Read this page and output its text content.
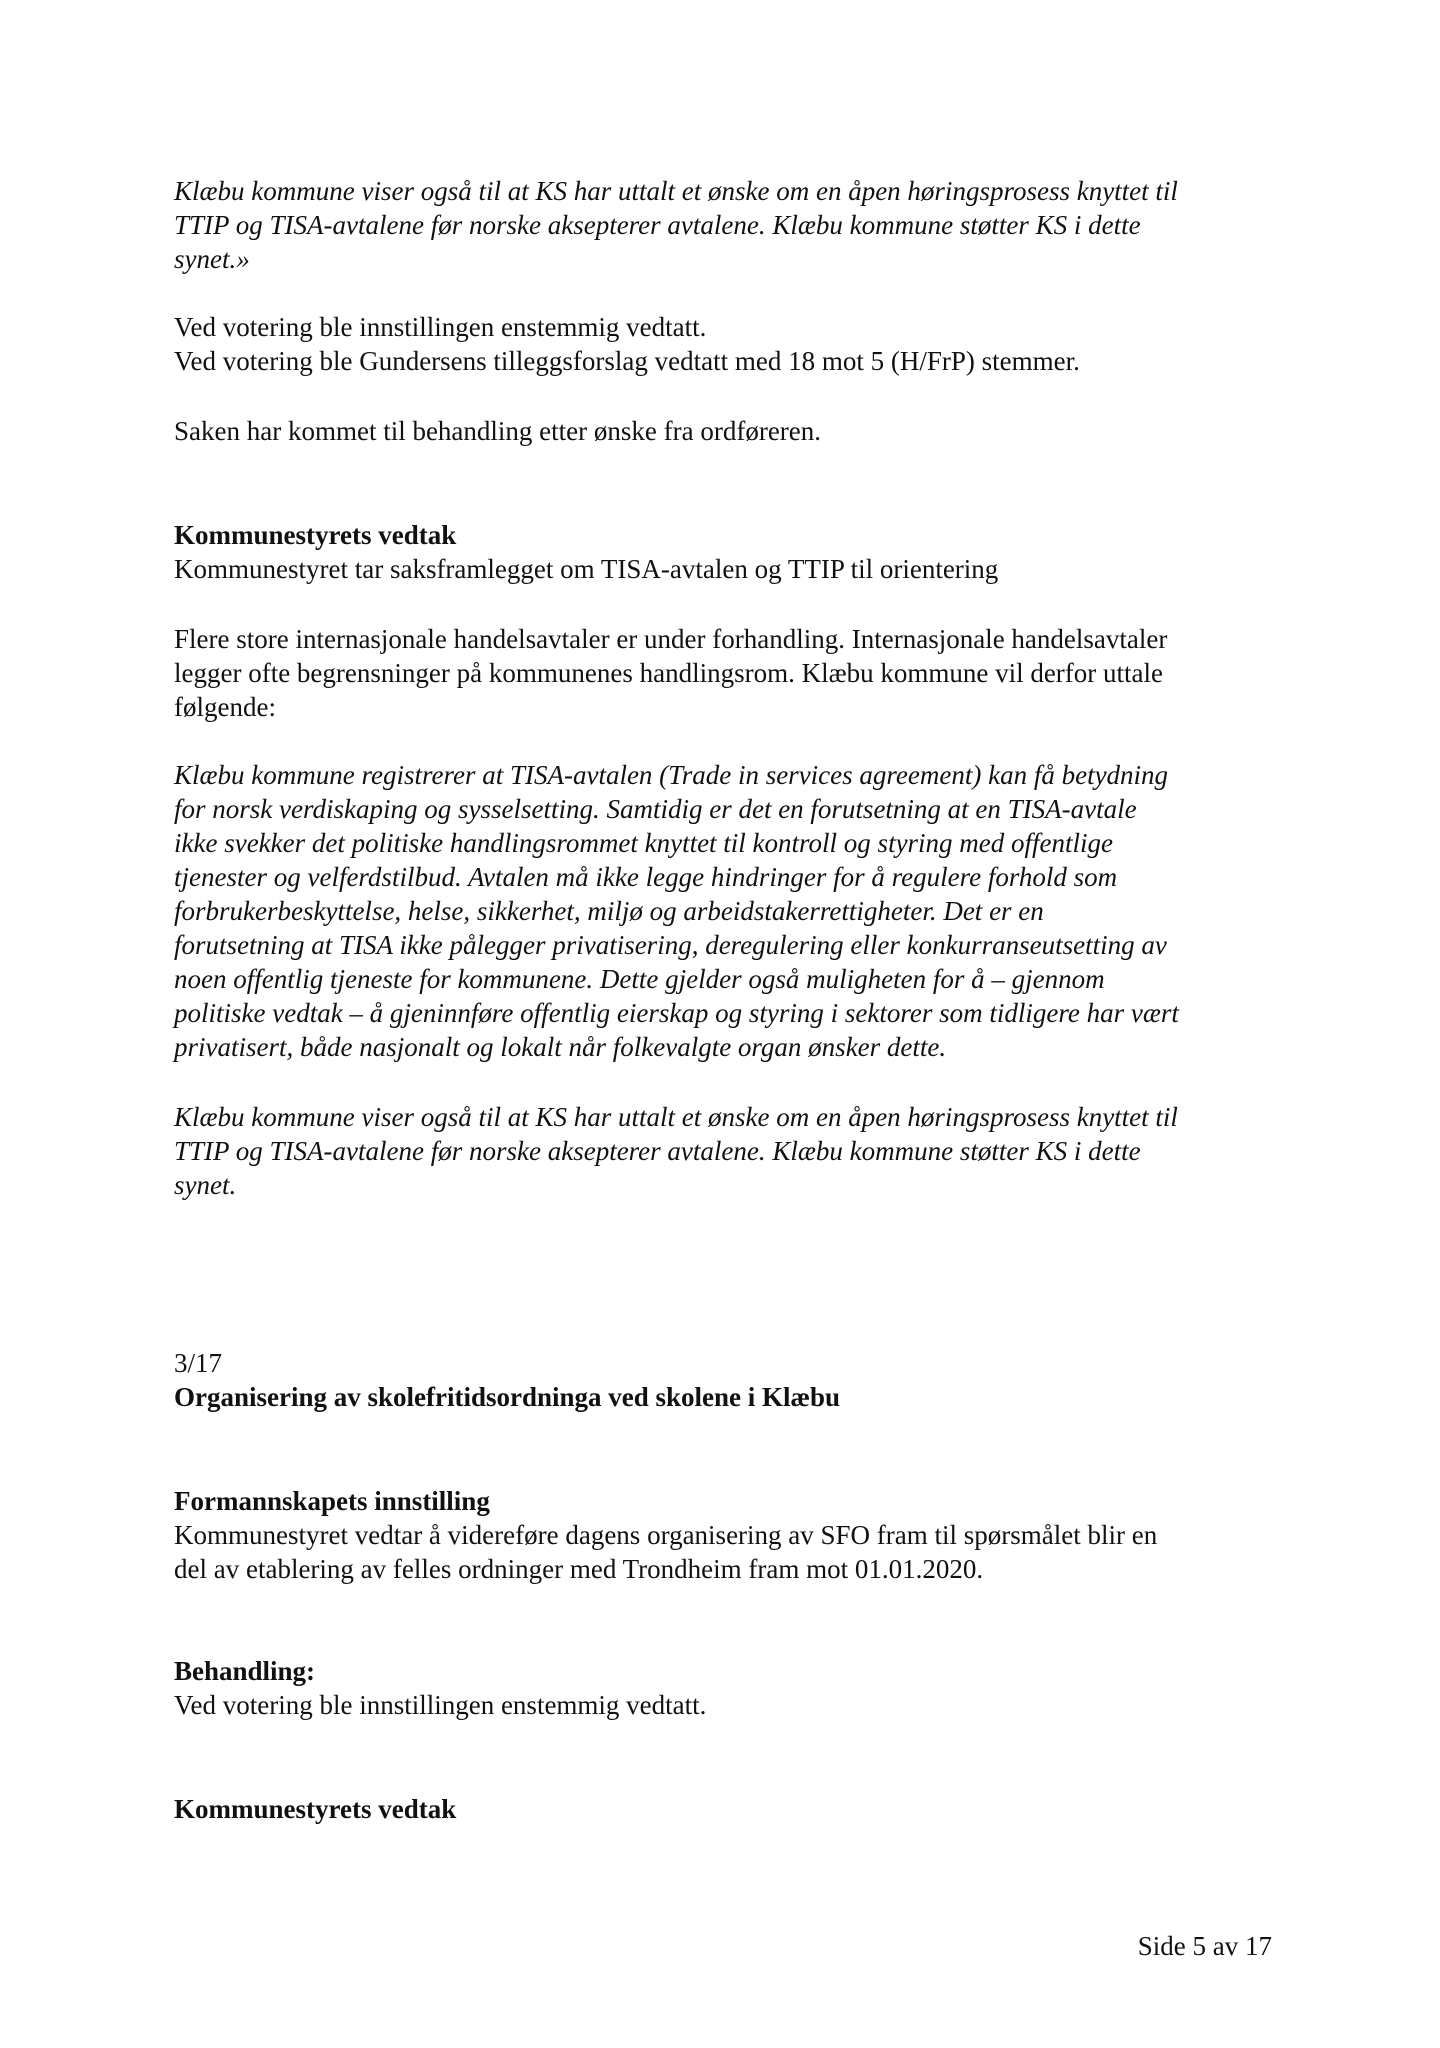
Klæbu kommune viser også til at KS har uttalt et ønske om en åpen høringsprosess knyttet til
TTIP og TISA-avtalene før norske aksepterer avtalene. Klæbu kommune støtter KS i dette
synet.»
Ved votering ble innstillingen enstemmig vedtatt.
Ved votering ble Gundersens tilleggsforslag vedtatt med 18 mot 5 (H/FrP) stemmer.
Saken har kommet til behandling etter ønske fra ordføreren.
Kommunestyrets vedtak
Kommunestyret tar saksframlegget om TISA-avtalen og TTIP til orientering
Flere store internasjonale handelsavtaler er under forhandling. Internasjonale handelsavtaler
legger ofte begrensninger på kommunenes handlingsrom. Klæbu kommune vil derfor uttale
følgende:
Klæbu kommune registrerer at TISA-avtalen (Trade in services agreement) kan få betydning
for norsk verdiskaping og sysselsetting. Samtidig er det en forutsetning at en TISA-avtale
ikke svekker det politiske handlingsrommet knyttet til kontroll og styring med offentlige
tjenester og velferdstilbud. Avtalen må ikke legge hindringer for å regulere forhold som
forbrukerbeskyttelse, helse, sikkerhet, miljø og arbeidstakerrettigheter. Det er en
forutsetning at TISA ikke pålegger privatisering, deregulering eller konkurranseutsetting av
noen offentlig tjeneste for kommunene. Dette gjelder også muligheten for å – gjennom
politiske vedtak – å gjeninnføre offentlig eierskap og styring i sektorer som tidligere har vært
privatisert, både nasjonalt og lokalt når folkevalgte organ ønsker dette.
Klæbu kommune viser også til at KS har uttalt et ønske om en åpen høringsprosess knyttet til
TTIP og TISA-avtalene før norske aksepterer avtalene. Klæbu kommune støtter KS i dette
synet.
3/17
Organisering av skolefritidsordninga ved skolene i Klæbu
Formannskapets innstilling
Kommunestyret vedtar å videreføre dagens organisering av SFO fram til spørsmålet blir en
del av etablering av felles ordninger med Trondheim fram mot 01.01.2020.
Behandling:
Ved votering ble innstillingen enstemmig vedtatt.
Kommunestyrets vedtak
Side 5 av 17
